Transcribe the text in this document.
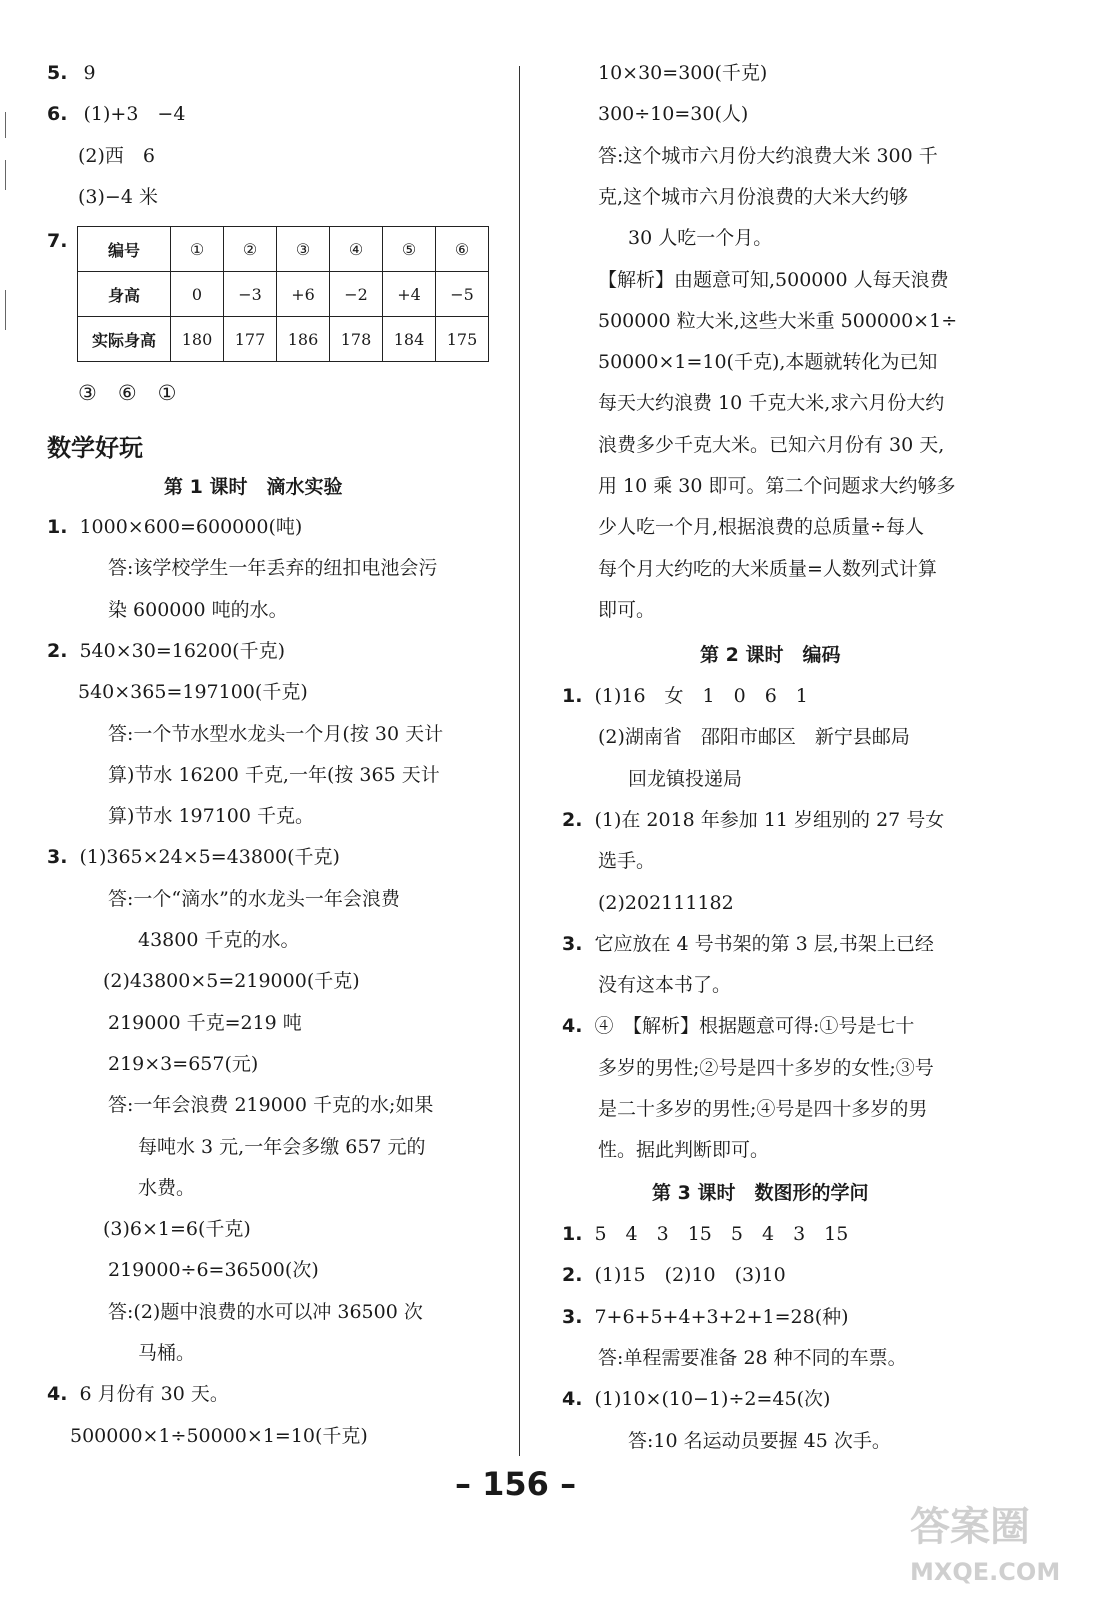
5. 9
6. (1)+3　−4
(2)西　6
(3)−4 米
7.	编号	①	②	③	④	⑤	⑥
身高	0	−3	+6	−2	+4	−5
实际身高	180	177	186	178	184	175
③　⑥　①
数学好玩
第 1 课时　滴水实验
1. 1000×600=600000(吨)
答:该学校学生一年丢弃的纽扣电池会污
染 600000 吨的水。
2. 540×30=16200(千克)
540×365=197100(千克)
答:一个节水型水龙头一个月(按 30 天计
算)节水 16200 千克,一年(按 365 天计
算)节水 197100 千克。
3. (1)365×24×5=43800(千克)
答:一个“滴水”的水龙头一年会浪费
43800 千克的水。
(2)43800×5=219000(千克)
219000 千克=219 吨
219×3=657(元)
答:一年会浪费 219000 千克的水;如果
每吨水 3 元,一年会多缴 657 元的
水费。
(3)6×1=6(千克)
219000÷6=36500(次)
答:(2)题中浪费的水可以冲 36500 次
马桶。
4. 6 月份有 30 天。
500000×1÷50000×1=10(千克)
10×30=300(千克)
300÷10=30(人)
答:这个城市六月份大约浪费大米 300 千
克,这个城市六月份浪费的大米大约够
30 人吃一个月。
【解析】由题意可知,500000 人每天浪费
500000 粒大米,这些大米重 500000×1÷
50000×1=10(千克),本题就转化为已知
每天大约浪费 10 千克大米,求六月份大约
浪费多少千克大米。已知六月份有 30 天,
用 10 乘 30 即可。第二个问题求大约够多
少人吃一个月,根据浪费的总质量÷每人
每个月大约吃的大米质量=人数列式计算
即可。
第 2 课时　编码
1. (1)16　女　1　0　6　1
(2)湖南省　邵阳市邮区　新宁县邮局
回龙镇投递局
2. (1)在 2018 年参加 11 岁组别的 27 号女
选手。
(2)202111182
3. 它应放在 4 号书架的第 3 层,书架上已经
没有这本书了。
4. ④　【解析】根据题意可得:①号是七十
多岁的男性;②号是四十多岁的女性;③号
是二十多岁的男性;④号是四十多岁的男
性。据此判断即可。
第 3 课时　数图形的学问
1. 5　4　3　15　5　4　3　15
2. (1)15　(2)10　(3)10
3. 7+6+5+4+3+2+1=28(种)
答:单程需要准备 28 种不同的车票。
4. (1)10×(10−1)÷2=45(次)
答:10 名运动员要握 45 次手。
– 156 –
答案圈
MXQE.COM
